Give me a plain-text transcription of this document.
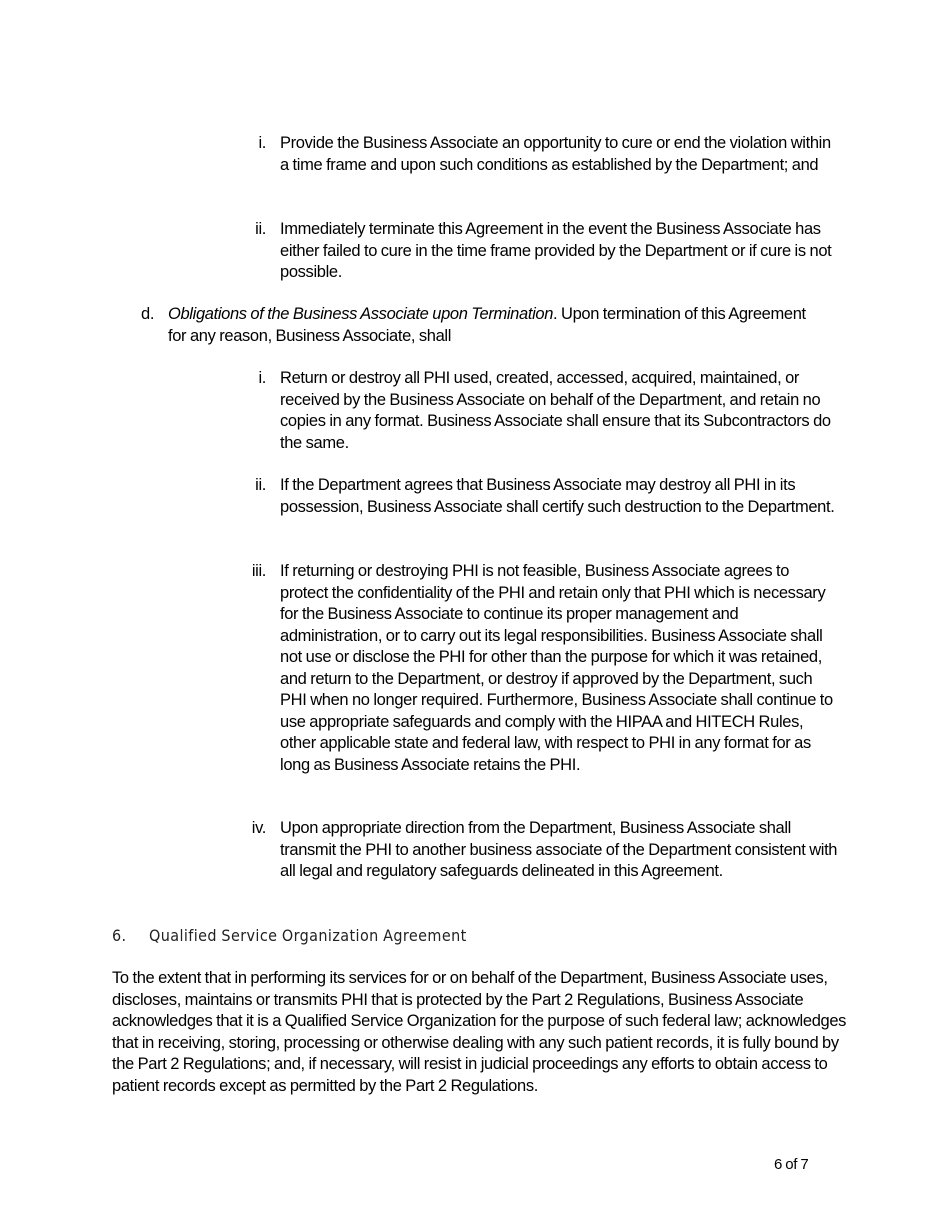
i. Provide the Business Associate an opportunity to cure or end the violation within a time frame and upon such conditions as established by the Department; and
ii. Immediately terminate this Agreement in the event the Business Associate has either failed to cure in the time frame provided by the Department or if cure is not possible.
d. Obligations of the Business Associate upon Termination. Upon termination of this Agreement for any reason, Business Associate, shall
i. Return or destroy all PHI used, created, accessed, acquired, maintained, or received by the Business Associate on behalf of the Department, and retain no copies in any format. Business Associate shall ensure that its Subcontractors do the same.
ii. If the Department agrees that Business Associate may destroy all PHI in its possession, Business Associate shall certify such destruction to the Department.
iii. If returning or destroying PHI is not feasible, Business Associate agrees to protect the confidentiality of the PHI and retain only that PHI which is necessary for the Business Associate to continue its proper management and administration, or to carry out its legal responsibilities. Business Associate shall not use or disclose the PHI for other than the purpose for which it was retained, and return to the Department, or destroy if approved by the Department, such PHI when no longer required. Furthermore, Business Associate shall continue to use appropriate safeguards and comply with the HIPAA and HITECH Rules, other applicable state and federal law, with respect to PHI in any format for as long as Business Associate retains the PHI.
iv. Upon appropriate direction from the Department, Business Associate shall transmit the PHI to another business associate of the Department consistent with all legal and regulatory safeguards delineated in this Agreement.
6. Qualified Service Organization Agreement
To the extent that in performing its services for or on behalf of the Department, Business Associate uses, discloses, maintains or transmits PHI that is protected by the Part 2 Regulations, Business Associate acknowledges that it is a Qualified Service Organization for the purpose of such federal law; acknowledges that in receiving, storing, processing or otherwise dealing with any such patient records, it is fully bound by the Part 2 Regulations; and, if necessary, will resist in judicial proceedings any efforts to obtain access to patient records except as permitted by the Part 2 Regulations.
6 of 7
